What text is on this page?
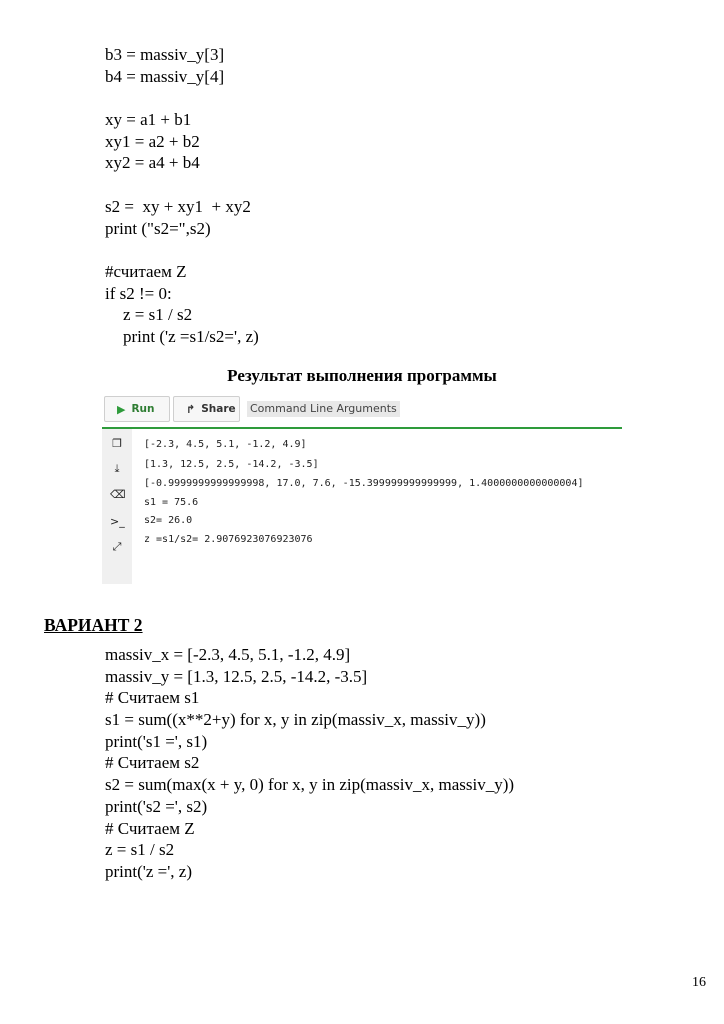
b3 = massiv_y[3]
b4 = massiv_y[4]
xy = a1 + b1
xy1 = a2 + b2
xy2 = a4 + b4
s2 =  xy + xy1  + xy2
print ("s2=",s2)
#считаем Z
if s2 != 0:
z = s1 / s2
print ('z =s1/s2=', z)
Результат выполнения программы
▶ Run	↱ Share Command Line Arguments
❐
⤓
⌫
>_
⤢
[-2.3, 4.5, 5.1, -1.2, 4.9]
[1.3, 12.5, 2.5, -14.2, -3.5]
[-0.9999999999999998, 17.0, 7.6, -15.399999999999999, 1.4000000000000004]
s1 = 75.6
s2= 26.0
z =s1/s2= 2.9076923076923076
ВАРИАНТ 2
massiv_x = [-2.3, 4.5, 5.1, -1.2, 4.9]
massiv_y = [1.3, 12.5, 2.5, -14.2, -3.5]
# Считаем s1
s1 = sum((x**2+y) for x, y in zip(massiv_x, massiv_y))
print('s1 =', s1)
# Считаем s2
s2 = sum(max(x + y, 0) for x, y in zip(massiv_x, massiv_y))
print('s2 =', s2)
# Считаем Z
z = s1 / s2
print('z =', z)
16
